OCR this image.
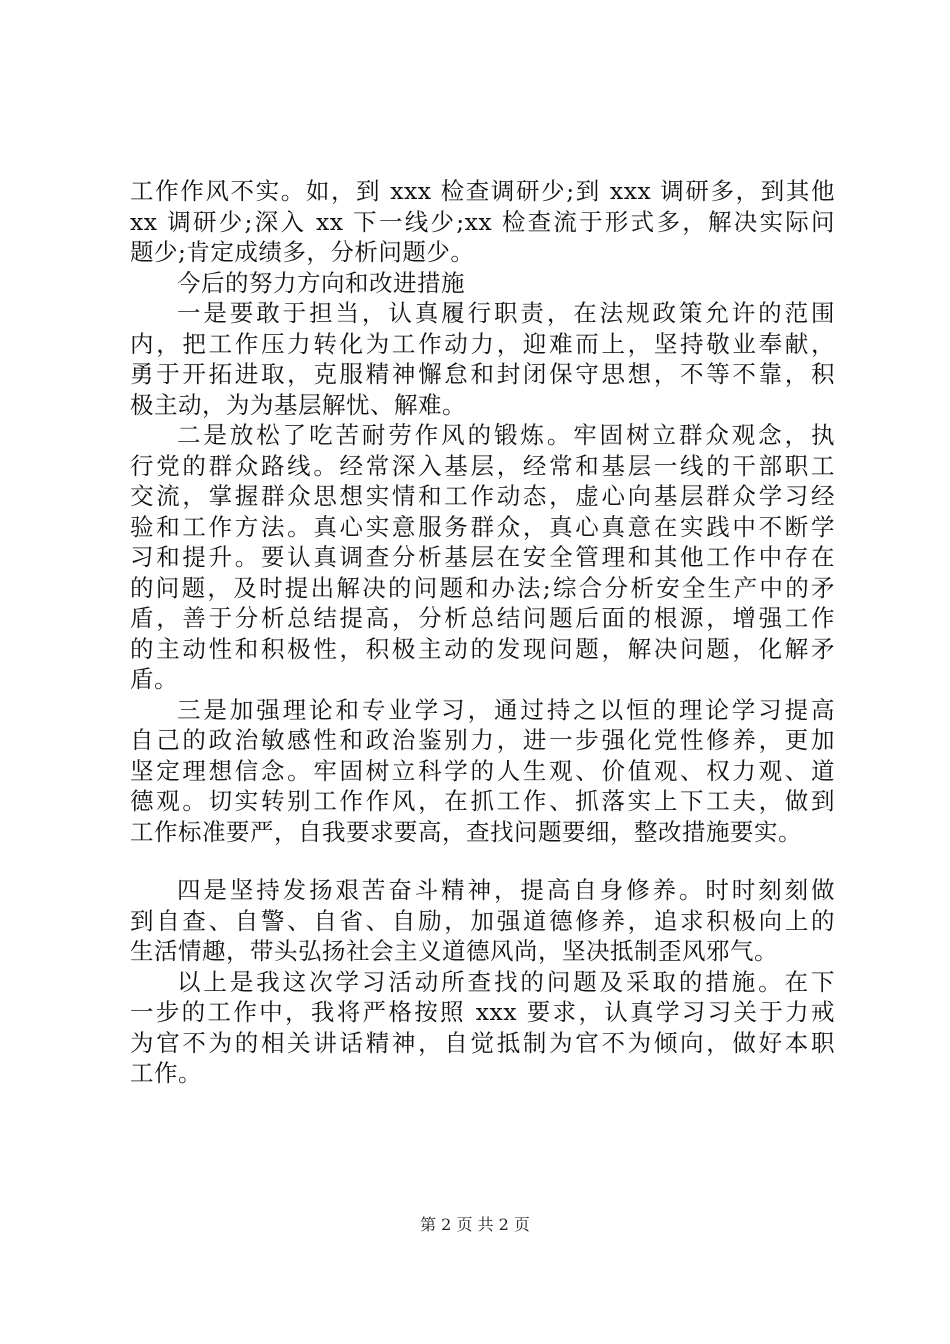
工作作风不实。如，到 xxx 检查调研少;到 xxx 调研多，到其他
xx 调研少;深入 xx 下一线少;xx 检查流于形式多，解决实际问
题少;肯定成绩多，分析问题少。
今后的努力方向和改进措施
一是要敢于担当，认真履行职责，在法规政策允许的范围
内，把工作压力转化为工作动力，迎难而上，坚持敬业奉献，
勇于开拓进取，克服精神懈怠和封闭保守思想，不等不靠，积
极主动，为为基层解忧、解难。
二是放松了吃苦耐劳作风的锻炼。牢固树立群众观念，执
行党的群众路线。经常深入基层，经常和基层一线的干部职工
交流，掌握群众思想实情和工作动态，虚心向基层群众学习经
验和工作方法。真心实意服务群众，真心真意在实践中不断学
习和提升。要认真调查分析基层在安全管理和其他工作中存在
的问题，及时提出解决的问题和办法;综合分析安全生产中的矛
盾，善于分析总结提高，分析总结问题后面的根源，增强工作
的主动性和积极性，积极主动的发现问题，解决问题，化解矛
盾。
三是加强理论和专业学习，通过持之以恒的理论学习提高
自己的政治敏感性和政治鉴别力，进一步强化党性修养，更加
坚定理想信念。牢固树立科学的人生观、价值观、权力观、道
德观。切实转别工作作风，在抓工作、抓落实上下工夫，做到
工作标准要严，自我要求要高，查找问题要细，整改措施要实。
四是坚持发扬艰苦奋斗精神，提高自身修养。时时刻刻做
到自查、自警、自省、自励，加强道德修养，追求积极向上的
生活情趣，带头弘扬社会主义道德风尚，坚决抵制歪风邪气。
以上是我这次学习活动所查找的问题及采取的措施。在下
一步的工作中，我将严格按照 xxx 要求，认真学习习关于力戒
为官不为的相关讲话精神，自觉抵制为官不为倾向，做好本职
工作。
第 2 页 共 2 页
